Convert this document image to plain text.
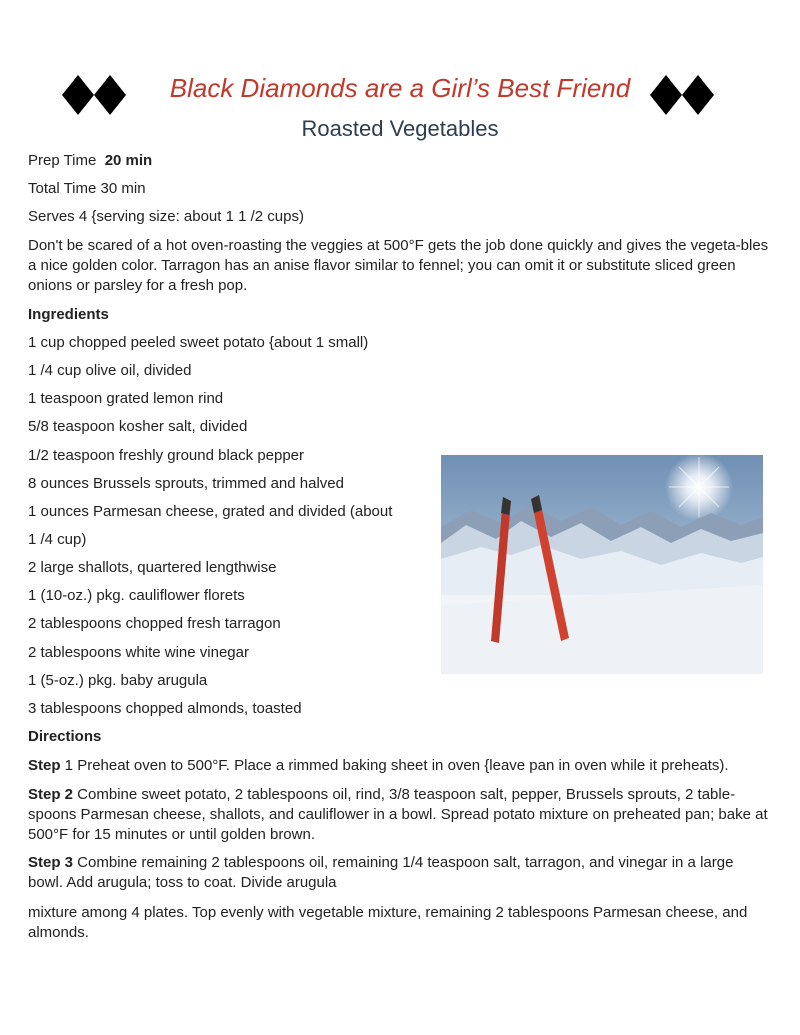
Black Diamonds are a Girl’s Best Friend
Roasted Vegetables

Prep Time 20 min

Total Time 30 min

Serves 4 {serving size: about 1 1 /2 cups)

Don't be scared of a hot oven-roasting the veggies at 500°F gets the job done quickly and gives the vegeta-bles a nice golden color. Tarragon has an anise flavor similar to fennel; you can omit it or substitute sliced green onions or parsley for a fresh pop.

Ingredients

1 cup chopped peeled sweet potato {about 1 small)

1 /4 cup olive oil, divided

1 teaspoon grated lemon rind

5/8 teaspoon kosher salt, divided

1/2 teaspoon freshly ground black pepper

8 ounces Brussels sprouts, trimmed and halved

1 ounces Parmesan cheese, grated and divided (about

1 /4 cup)

2 large shallots, quartered lengthwise

1 (10-oz.) pkg. cauliflower florets

2 tablespoons chopped fresh tarragon

2 tablespoons white wine vinegar

1 (5-oz.) pkg. baby arugula

3 tablespoons chopped almonds, toasted

Directions

Step 1 Preheat oven to 500°F. Place a rimmed baking sheet in oven {leave pan in oven while it preheats).

Step 2 Combine sweet potato, 2 tablespoons oil, rind, 3/8 teaspoon salt, pepper, Brussels sprouts, 2 table-spoons Parmesan cheese, shallots, and cauliflower in a bowl. Spread potato mixture on preheated pan; bake at 500°F for 15 minutes or until golden brown.

Step 3 Combine remaining 2 tablespoons oil, remaining 1/4 teaspoon salt, tarragon, and vinegar in a large bowl. Add arugula; toss to coat. Divide arugula

mixture among 4 plates. Top evenly with vegetable mixture, remaining 2 tablespoons Parmesan cheese, and almonds.
